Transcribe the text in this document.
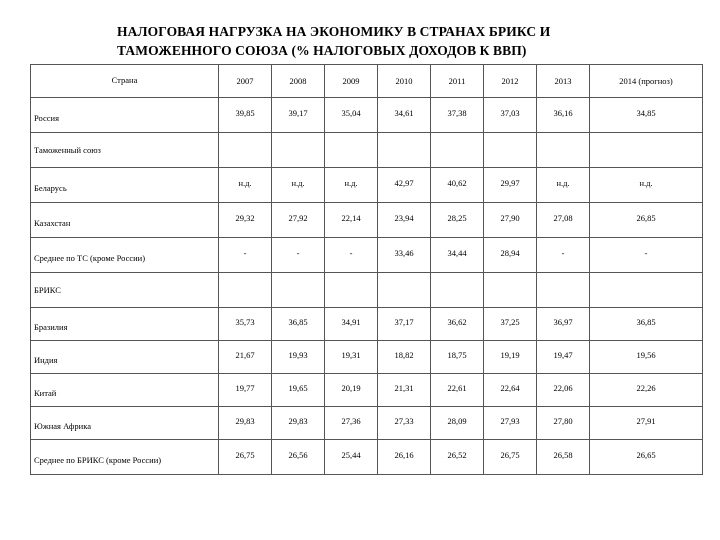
НАЛОГОВАЯ НАГРУЗКА НА ЭКОНОМИКУ В СТРАНАХ БРИКС И
ТАМОЖЕННОГО СОЮЗА (% НАЛОГОВЫХ ДОХОДОВ К ВВП)
Страна	2007	2008	2009	2010	2011	2012	2013	2014 (прогноз)
Россия	39,85	39,17	35,04	34,61	37,38	37,03	36,16	34,85
Таможенный союз								
Беларусь	н.д.	н.д.	н.д.	42,97	40,62	29,97	н.д.	н.д.
Казахстан	29,32	27,92	22,14	23,94	28,25	27,90	27,08	26,85
Среднее по ТС (кроме России)	-	-	-	33,46	34,44	28,94	-	-
БРИКС								
Бразилия	35,73	36,85	34,91	37,17	36,62	37,25	36,97	36,85
Индия	21,67	19,93	19,31	18,82	18,75	19,19	19,47	19,56
Китай	19,77	19,65	20,19	21,31	22,61	22,64	22,06	22,26
Южная Африка	29,83	29,83	27,36	27,33	28,09	27,93	27,80	27,91
Среднее по БРИКС (кроме России)	26,75	26,56	25,44	26,16	26,52	26,75	26,58	26,65
